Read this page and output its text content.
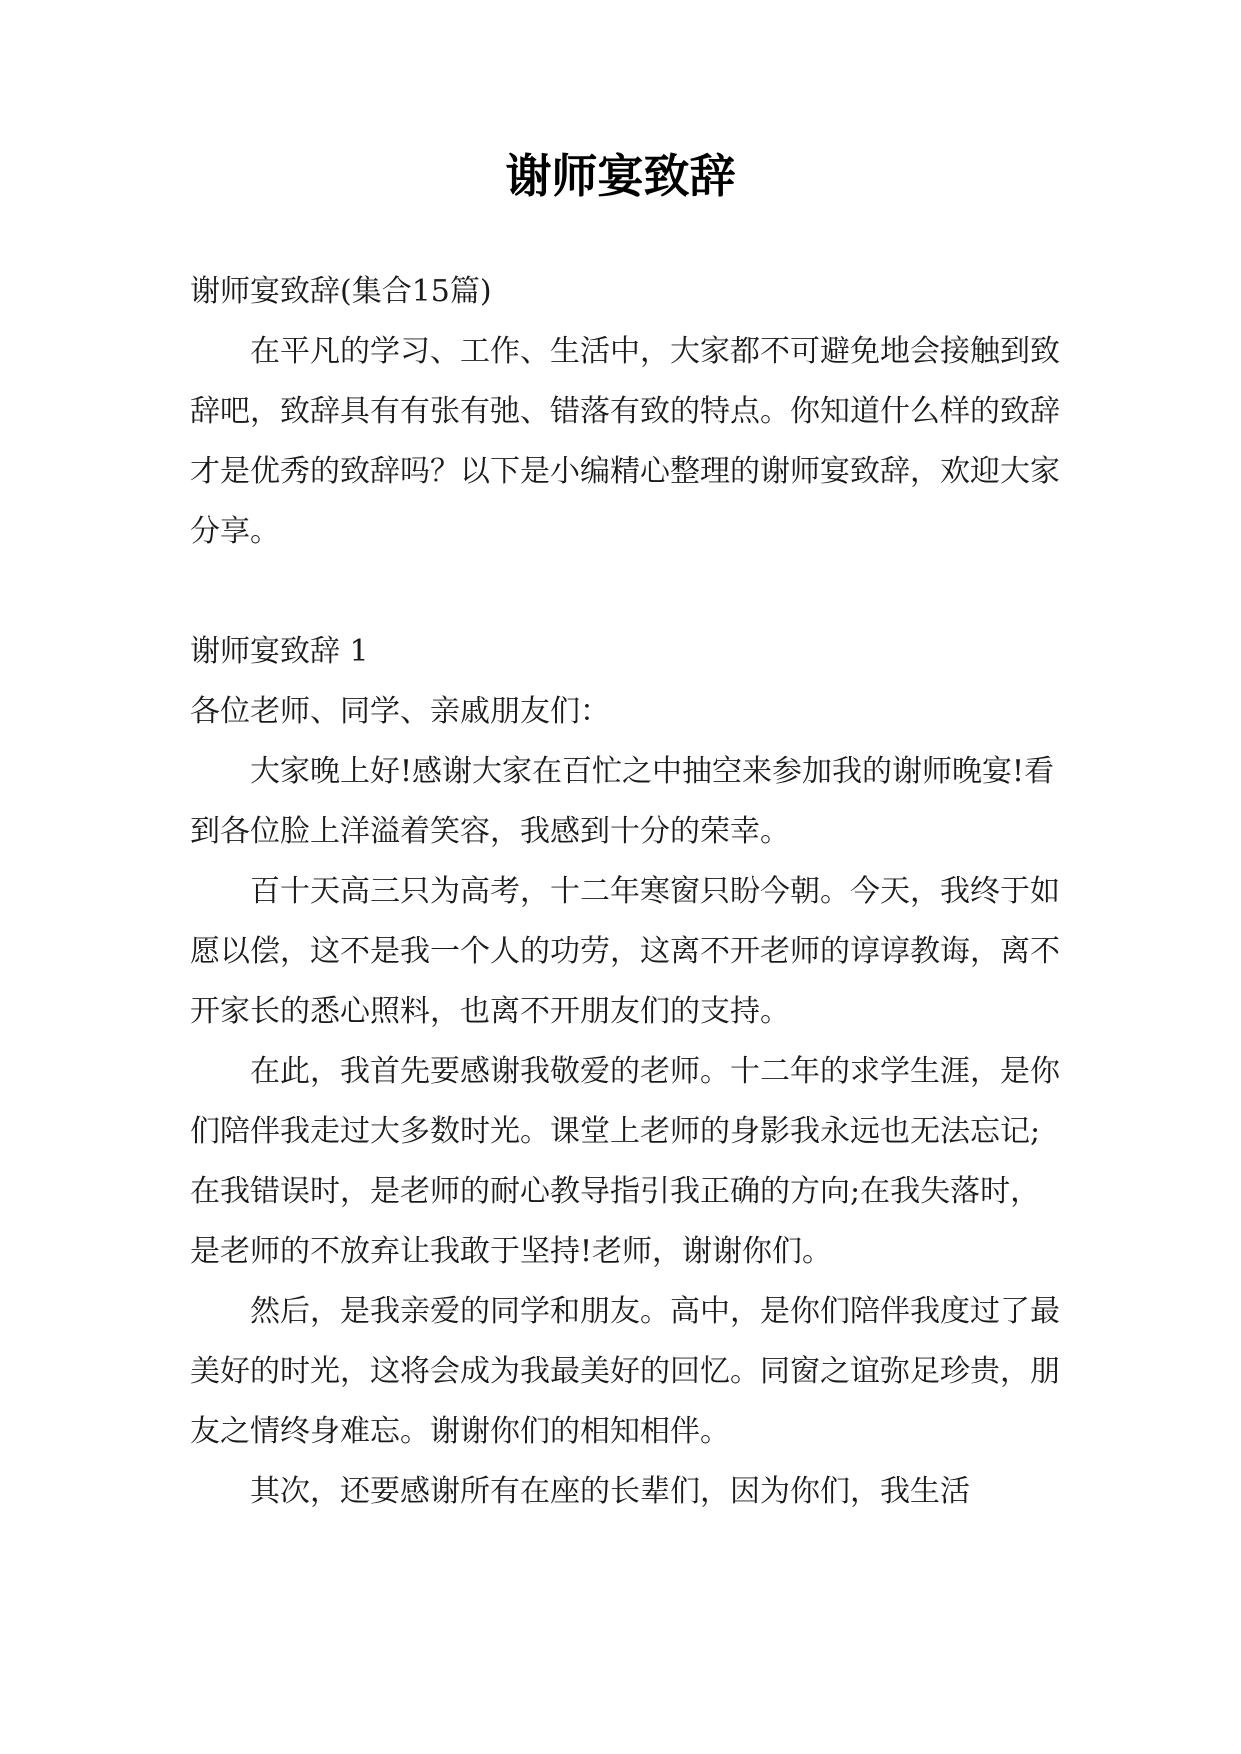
谢师宴致辞

谢师宴致辞(集合15篇)

在平凡的学习、工作、生活中，大家都不可避免地会接触到致辞吧，致辞具有有张有弛、错落有致的特点。你知道什么样的致辞才是优秀的致辞吗？以下是小编精心整理的谢师宴致辞，欢迎大家分享。

谢师宴致辞 1

各位老师、同学、亲戚朋友们：

大家晚上好!感谢大家在百忙之中抽空来参加我的谢师晚宴!看到各位脸上洋溢着笑容，我感到十分的荣幸。

百十天高三只为高考，十二年寒窗只盼今朝。今天，我终于如愿以偿，这不是我一个人的功劳，这离不开老师的谆谆教诲，离不开家长的悉心照料，也离不开朋友们的支持。

在此，我首先要感谢我敬爱的老师。十二年的求学生涯，是你们陪伴我走过大多数时光。课堂上老师的身影我永远也无法忘记;在我错误时，是老师的耐心教导指引我正确的方向;在我失落时，是老师的不放弃让我敢于坚持!老师，谢谢你们。

然后，是我亲爱的同学和朋友。高中，是你们陪伴我度过了最美好的时光，这将会成为我最美好的回忆。同窗之谊弥足珍贵，朋友之情终身难忘。谢谢你们的相知相伴。

其次，还要感谢所有在座的长辈们，因为你们，我生活
